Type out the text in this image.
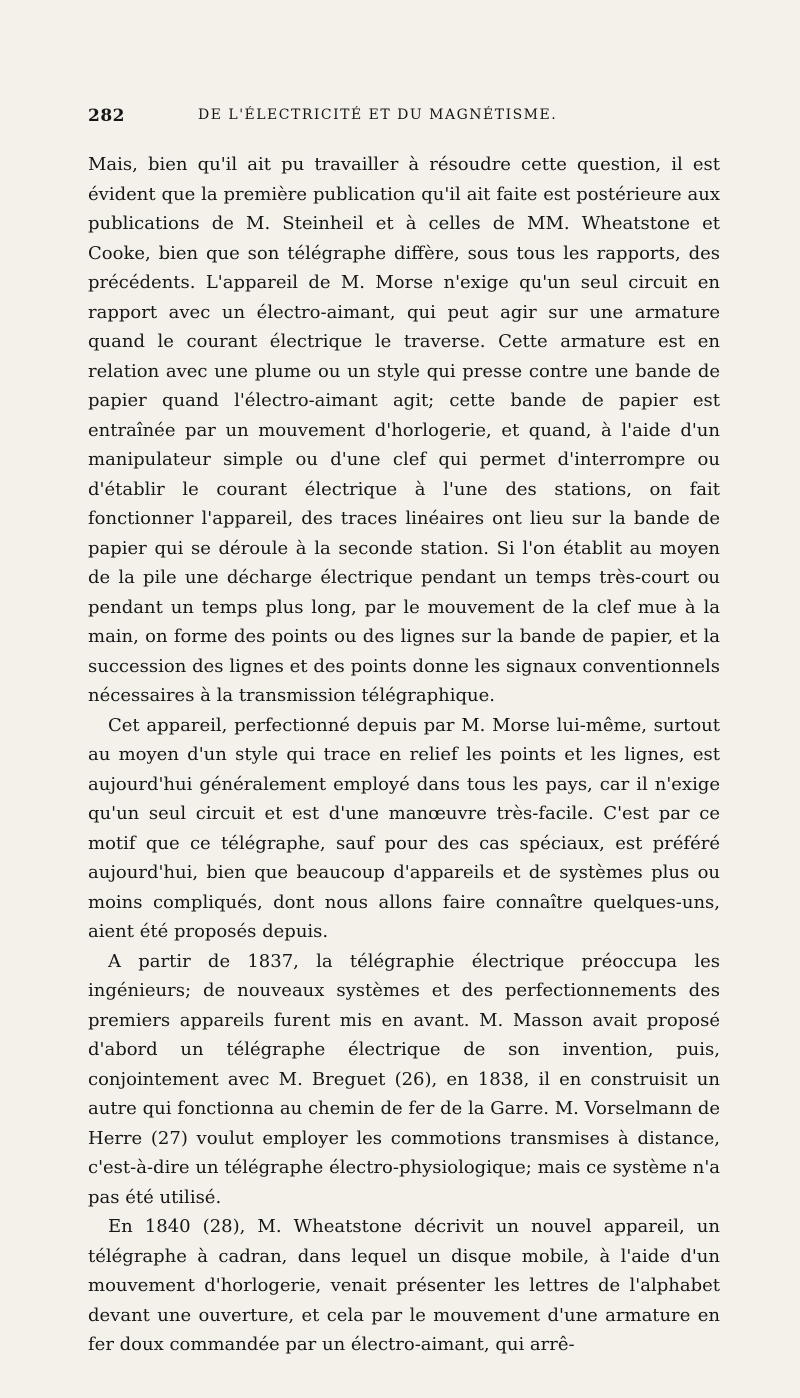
282	DE L'ÉLECTRICITÉ ET DU MAGNÉTISME.

Mais, bien qu'il ait pu travailler à résoudre cette question, il est évident que la première publication qu'il ait faite est postérieure aux publications de M. Steinheil et à celles de MM. Wheatstone et Cooke, bien que son télégraphe diffère, sous tous les rapports, des précédents. L'appareil de M. Morse n'exige qu'un seul circuit en rapport avec un électro-aimant, qui peut agir sur une armature quand le courant électrique le traverse. Cette armature est en relation avec une plume ou un style qui presse contre une bande de papier quand l'électro-aimant agit; cette bande de papier est entraînée par un mouvement d'horlogerie, et quand, à l'aide d'un manipulateur simple ou d'une clef qui permet d'interrompre ou d'établir le courant électrique à l'une des stations, on fait fonctionner l'appareil, des traces linéaires ont lieu sur la bande de papier qui se déroule à la seconde station. Si l'on établit au moyen de la pile une décharge électrique pendant un temps très-court ou pendant un temps plus long, par le mouvement de la clef mue à la main, on forme des points ou des lignes sur la bande de papier, et la succession des lignes et des points donne les signaux conventionnels nécessaires à la transmission télégraphique.

Cet appareil, perfectionné depuis par M. Morse lui-même, surtout au moyen d'un style qui trace en relief les points et les lignes, est aujourd'hui généralement employé dans tous les pays, car il n'exige qu'un seul circuit et est d'une manœuvre très-facile. C'est par ce motif que ce télégraphe, sauf pour des cas spéciaux, est préféré aujourd'hui, bien que beaucoup d'appareils et de systèmes plus ou moins compliqués, dont nous allons faire connaître quelques-uns, aient été proposés depuis.

A partir de 1837, la télégraphie électrique préoccupa les ingénieurs; de nouveaux systèmes et des perfectionnements des premiers appareils furent mis en avant. M. Masson avait proposé d'abord un télégraphe électrique de son invention, puis, conjointement avec M. Breguet (26), en 1838, il en construisit un autre qui fonctionna au chemin de fer de la Garre. M. Vorselmann de Herre (27) voulut employer les commotions transmises à distance, c'est-à-dire un télégraphe électro-physiologique; mais ce système n'a pas été utilisé.

En 1840 (28), M. Wheatstone décrivit un nouvel appareil, un télégraphe à cadran, dans lequel un disque mobile, à l'aide d'un mouvement d'horlogerie, venait présenter les lettres de l'alphabet devant une ouverture, et cela par le mouvement d'une armature en fer doux commandée par un électro-aimant, qui arrê-
